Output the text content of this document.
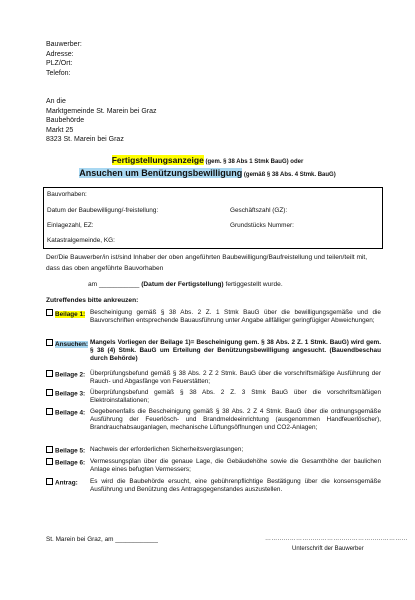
Bauwerber:
Adresse:
PLZ/Ort:
Telefon:
An die
Marktgemeinde St. Marein bei Graz
Baubehörde
Markt 25
8323 St. Marein bei Graz
Fertigstellungsanzeige (gem. § 38 Abs 1 Stmk BauG) oder
Ansuchen um Benützungsbewilligung (gemäß § 38 Abs. 4 Stmk. BauG)
Bauvorhaben:
Datum der Baubewilligung/-freistellung:	Geschäftszahl (GZ):
Einlagezahl, EZ:	Grundstücks Nummer:
Katastralgemeinde, KG:
Der/Die Bauwerber/in ist/sind Inhaber der oben angeführten Baubewilligung/Baufreistellung und teilen/teilt mit, dass das oben angeführte Bauvorhaben
am ___________ (Datum der Fertigstellung) fertiggestellt wurde.
Zutreffendes bitte ankreuzen:
Beilage 1: Bescheinigung gemäß § 38 Abs. 2 Z. 1 Stmk BauG über die bewilligungsgemäße und die Bauvorschriften entsprechende Bauausführung unter Angabe allfälliger geringfügiger Abweichungen;
Ansuchen: Mangels Vorliegen der Beilage 1)= Bescheinigung gem. § 38 Abs. 2 Z. 1 Stmk. BauG) wird gem. § 38 (4) Stmk. BauG um Erteilung der Benützungsbewilligung angesucht. (Bauendbeschau durch Behörde)
Beilage 2: Überprüfungsbefund gemäß § 38 Abs. 2 Z 2 Stmk. BauG über die vorschriftsmäßige Ausführung der Rauch- und Abgasfänge von Feuerstätten;
Beilage 3: Überprüfungsbefund gemäß § 38 Abs. 2 Z. 3 Stmk BauG über die vorschriftsmäßigen Elektroinstallationen;
Beilage 4: Gegebenenfalls die Bescheinigung gemäß § 38 Abs. 2 Z 4 Stmk. BauG über die ordnungsgemäße Ausführung der Feuerlösch- und Brandmeldeeinrichtung (ausgenommen Handfeuerlöscher), Brandrauchabsauganlagen, mechanische Lüftungsöffnungen und CO2-Anlagen;
Beilage 5: Nachweis der erforderlichen Sicherheitsverglasungen;
Beilage 6: Vermessungsplan über die genaue Lage, die Gebäudehöhe sowie die Gesamthöhe der baulichen Anlage eines befugten Vermessers;
Antrag:	Es wird die Baubehörde ersucht, eine gebührenpflichtige Bestätigung über die konsensgemäße Ausführung und Benützung des Antragsgegenstandes auszustellen.
St. Marein bei Graz, am ____________	……………………………………………………………
Unterschrift der Bauwerber
